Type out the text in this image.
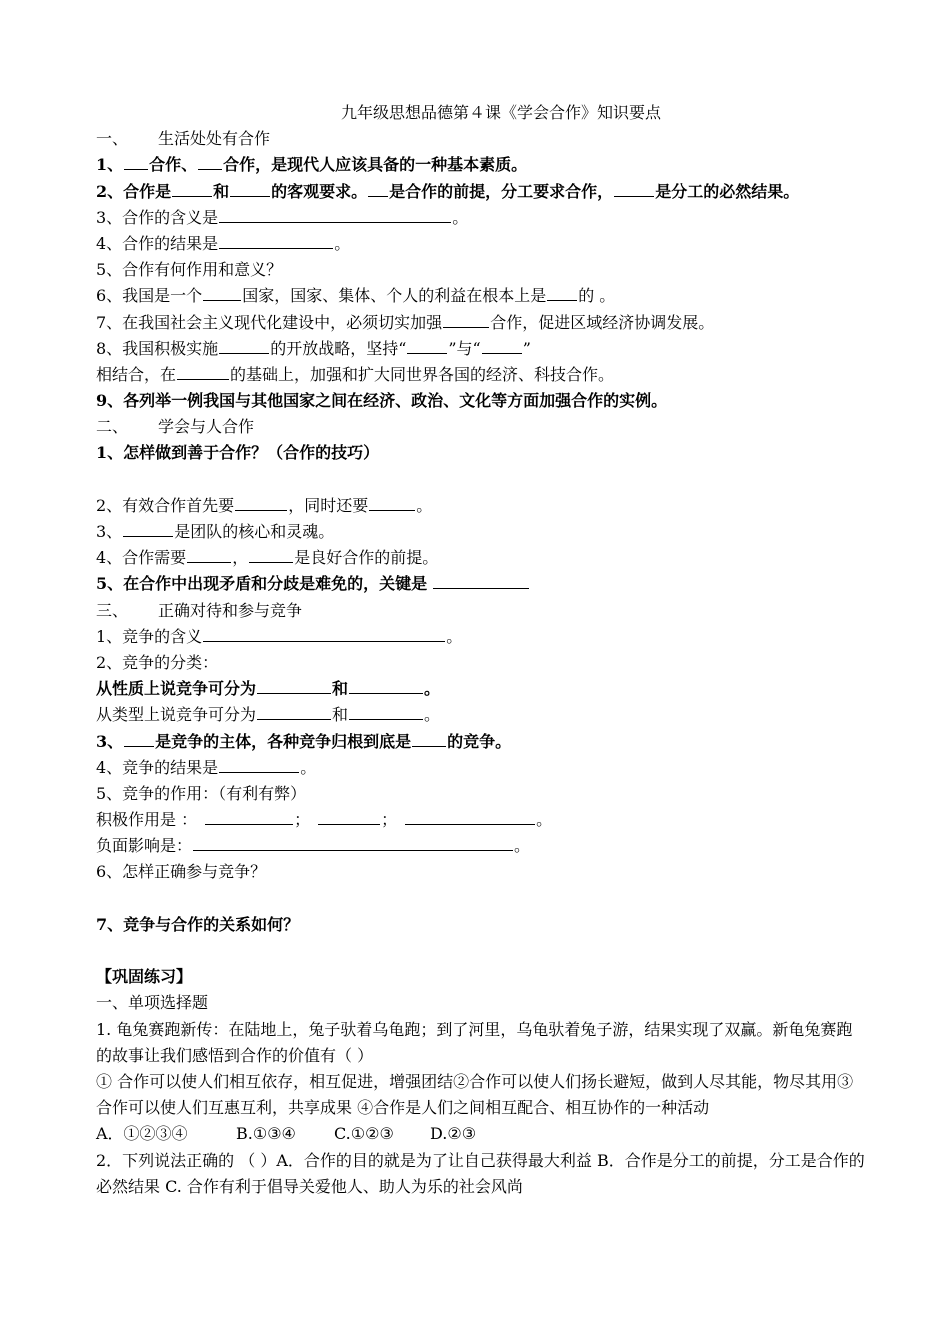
九年级思想品德第４课《学会合作》知识要点
一、 生活处处有合作
1、 合作、 合作，是现代人应该具备的一种基本素质。
2、合作是	和	的客观要求。 是合作的前提，分工要求合作，	是分工的必然结果。
3、合作的含义是	。
4、合作的结果是	。
5、合作有何作用和意义？
6、我国是一个	国家，国家、集体、个人的利益在根本上是 的 。
7、在我国社会主义现代化建设中，必须切实加强	合作，促进区域经济协调发展。
8、我国积极实施	的开放战略，坚持“	”与“	”
相结合，在	的基础上，加强和扩大同世界各国的经济、科技合作。
9、各列举一例我国与其他国家之间在经济、政治、文化等方面加强合作的实例。
二、 学会与人合作
1、怎样做到善于合作？（合作的技巧）
2、有效合作首先要	，同时还要	。
3、	是团队的核心和灵魂。
4、合作需要	，	是良好合作的前提。
5、在合作中出现矛盾和分歧是难免的，关键是
三、 正确对待和参与竞争
1、竞争的含义	。
2、竞争的分类：
从性质上说竞争可分为	和	。
从类型上说竞争可分为	和	。
3、 是竞争的主体，各种竞争归根到底是 的竞争。
4、竞争的结果是	。
5、竞争的作用：（有利有弊）
积极作用是 ：	；	；	。
负面影响是：	。
6、怎样正确参与竞争？
7、竞争与合作的关系如何？
【巩固练习】
一、单项选择题
1. 龟兔赛跑新传：在陆地上，兔子驮着乌龟跑；到了河里，乌龟驮着兔子游，结果实现了双赢。新龟兔赛跑的故事让我们感悟到合作的价值有（ ）
① 合作可以使人们相互依存，相互促进，增强团结②合作可以使人们扬长避短，做到人尽其能，物尽其用③合作可以使人们互惠互利，共享成果 ④合作是人们之间相互配合、相互协作的一种活动
A．①②③④	B.①③④ C.①②③ D.②③
2．下列说法正确的 （ ）A．合作的目的就是为了让自己获得最大利益 B．合作是分工的前提，分工是合作的必然结果 C. 合作有利于倡导关爱他人、助人为乐的社会风尚
